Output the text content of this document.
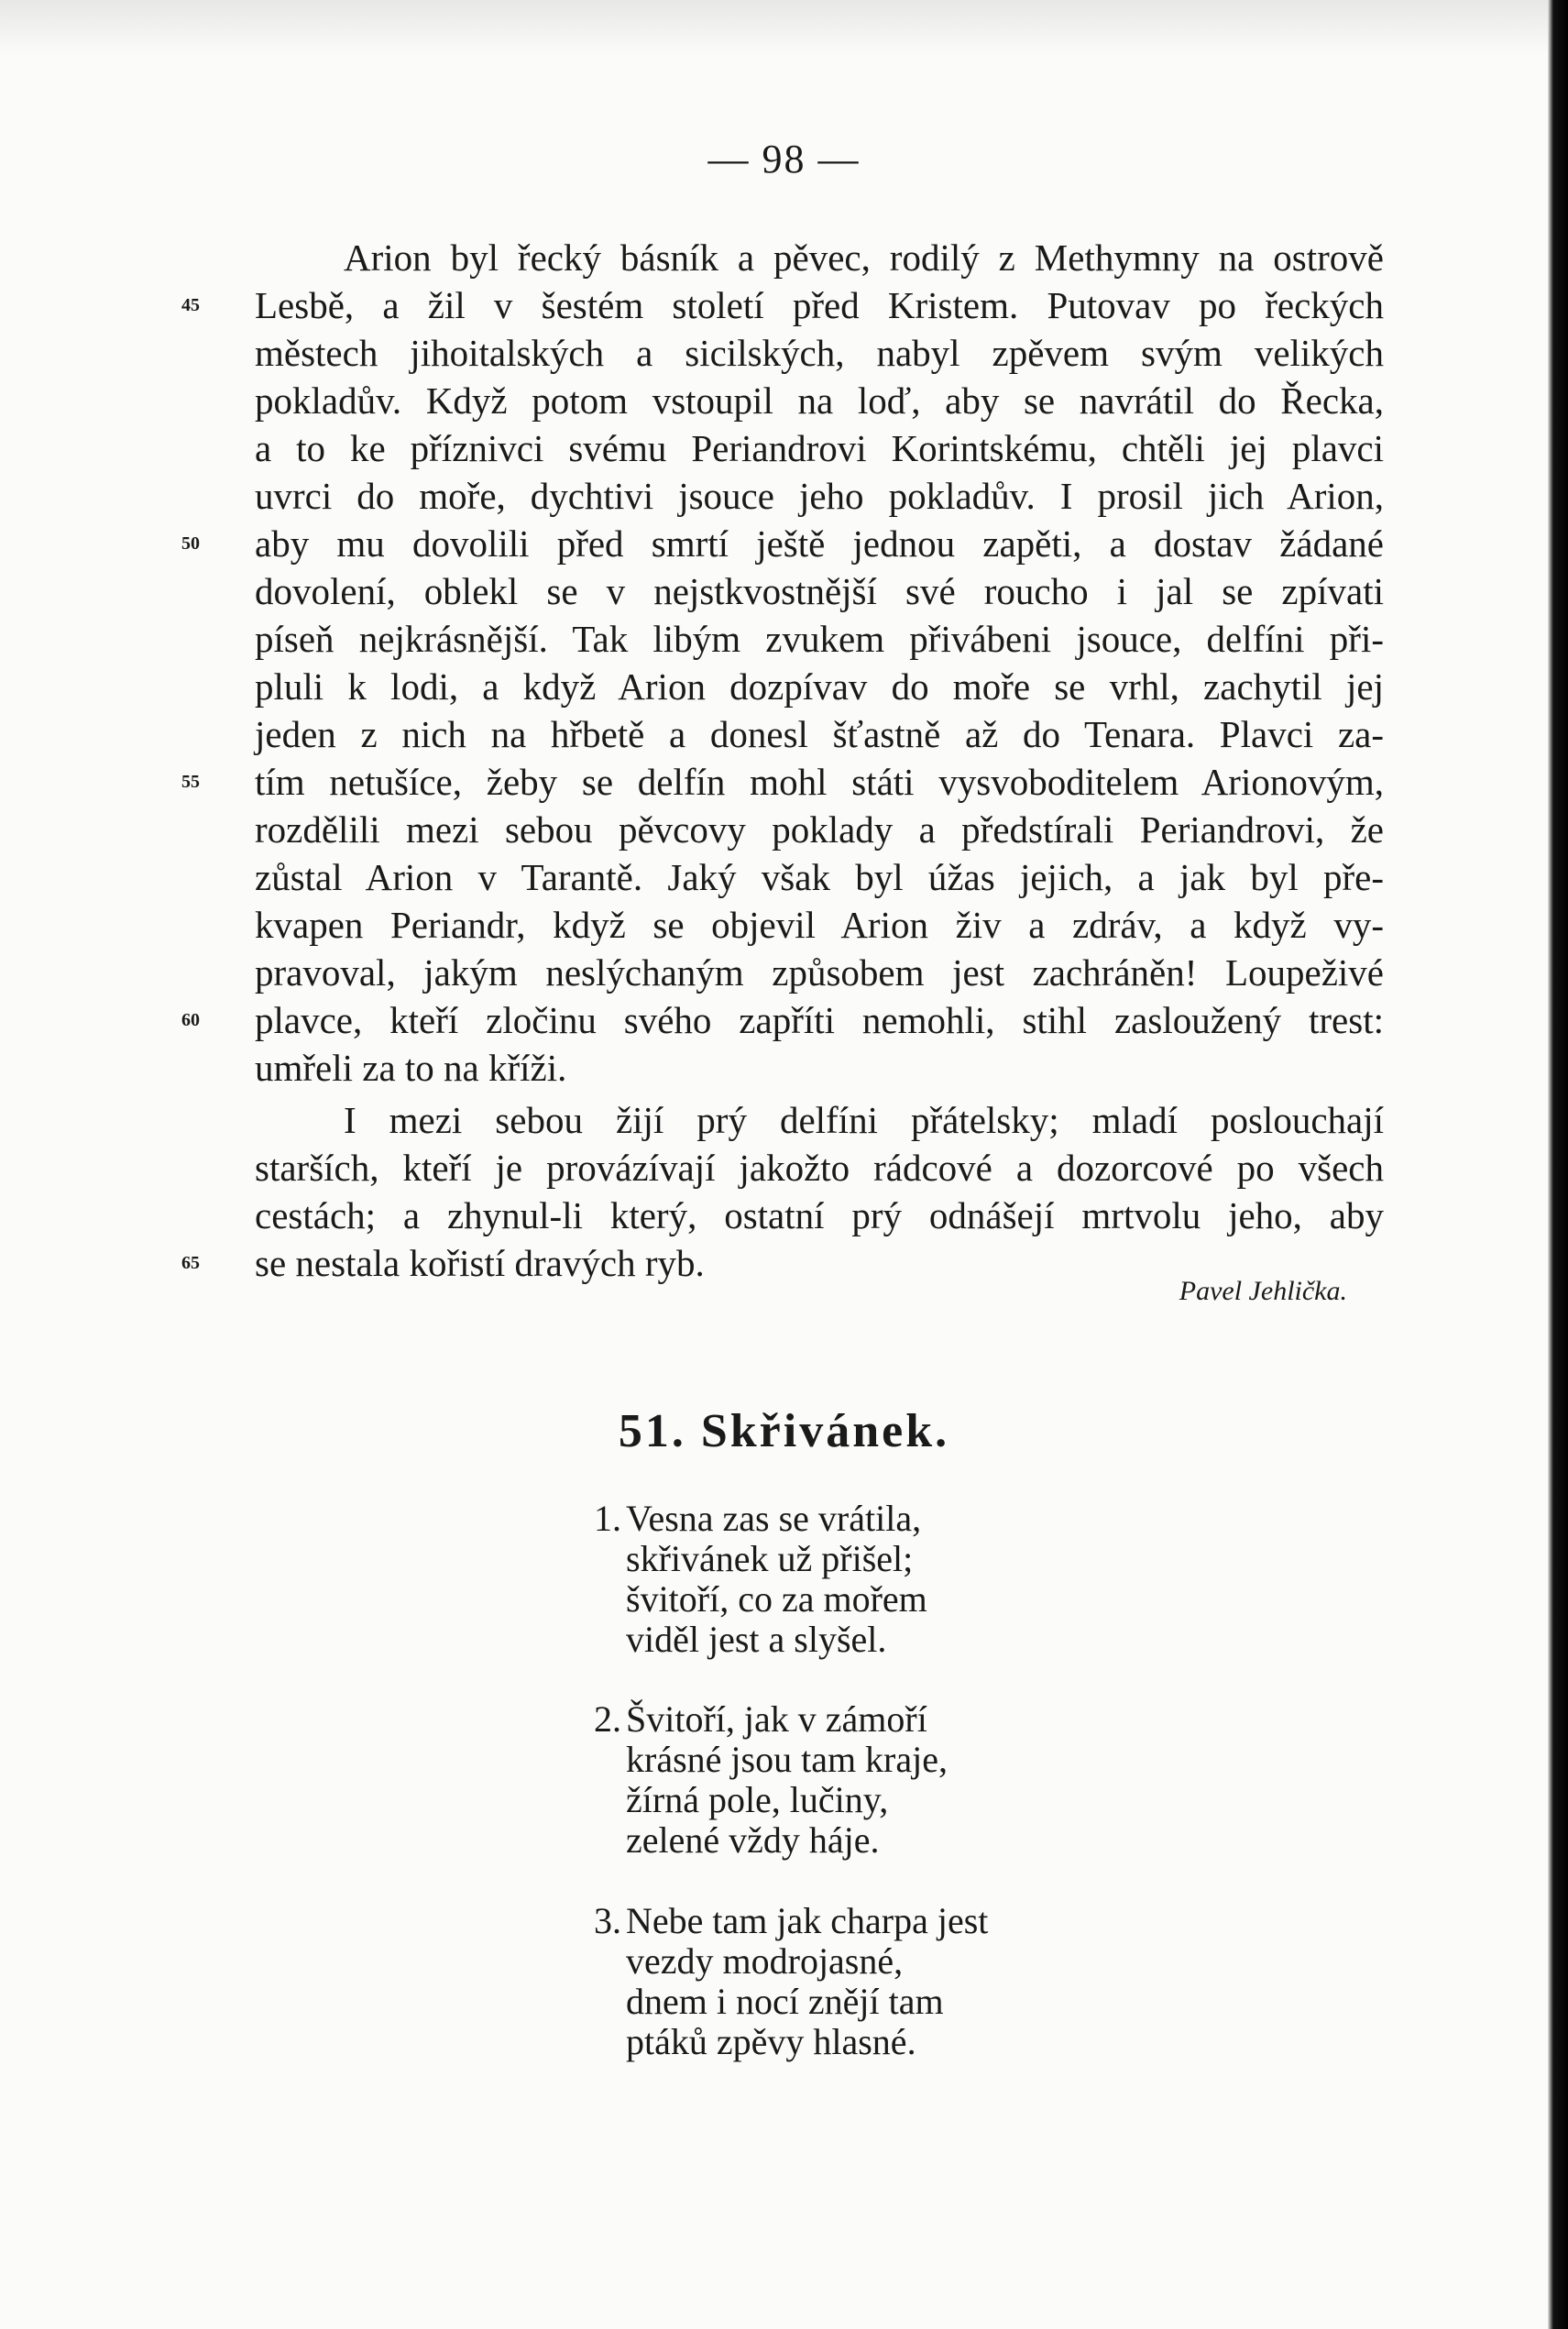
— 98 —
Arion byl řecký básník a pěvec, rodilý z Methymny na ostrově
Lesbě, a žil v šestém století před Kristem. Putovav po řeckých
městech jihoitalských a sicilských, nabyl zpěvem svým velikých
pokladův. Když potom vstoupil na loď, aby se navrátil do Řecka,
a to ke příznivci svému Periandrovi Korintskému, chtěli jej plavci
uvrci do moře, dychtivi jsouce jeho pokladův. I prosil jich Arion,
aby mu dovolili před smrtí ještě jednou zapěti, a dostav žádané
dovolení, oblekl se v nejstkvostnější své roucho i jal se zpívati
píseň nejkrásnější. Tak libým zvukem přivábeni jsouce, delfíni při-
pluli k lodi, a když Arion dozpívav do moře se vrhl, zachytil jej
jeden z nich na hřbetě a donesl šťastně až do Tenara. Plavci za-
tím netušíce, žeby se delfín mohl státi vysvoboditelem Arionovým,
rozdělili mezi sebou pěvcovy poklady a předstírali Periandrovi, že
zůstal Arion v Tarantě. Jaký však byl úžas jejich, a jak byl pře-
kvapen Periandr, když se objevil Arion živ a zdráv, a když vy-
pravoval, jakým neslýchaným způsobem jest zachráněn! Loupeživé
plavce, kteří zločinu svého zapříti nemohli, stihl zasloužený trest:
umřeli za to na kříži.
I mezi sebou žijí prý delfíni přátelsky; mladí poslouchají
starších, kteří je provázívají jakožto rádcové a dozorcové po všech
cestách; a zhynul-li který, ostatní prý odnášejí mrtvolu jeho, aby
se nestala kořistí dravých ryb.
45
50
55
60
65
Pavel Jehlička.
51. Skřivánek.
1. Vesna zas se vrátila,
skřivánek už přišel;
švitoří, co za mořem
viděl jest a slyšel.
2. Švitoří, jak v zámoří
krásné jsou tam kraje,
žírná pole, lučiny,
zelené vždy háje.
3. Nebe tam jak charpa jest
vezdy modrojasné,
dnem i nocí znějí tam
ptáků zpěvy hlasné.
